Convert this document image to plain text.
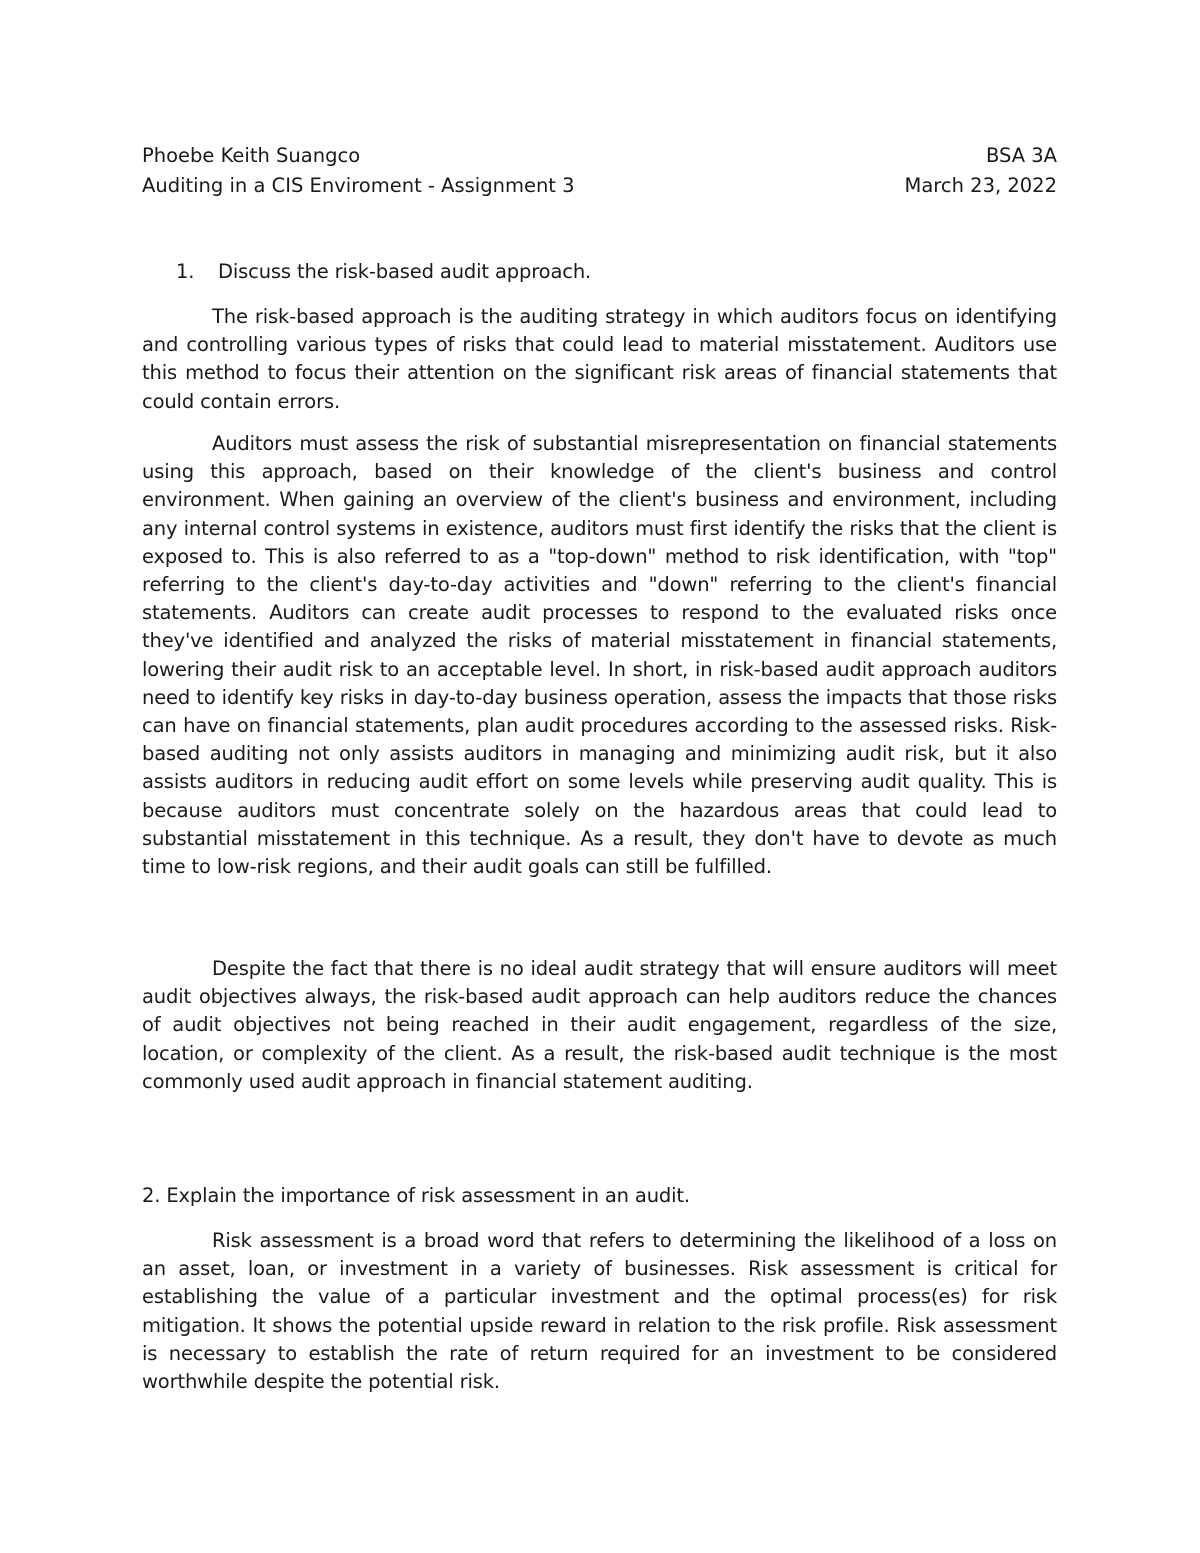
Phoebe Keith Suangco	BSA 3A
Auditing in a CIS Enviroment - Assignment 3	March 23, 2022
1. Discuss the risk-based audit approach.

The risk-based approach is the auditing strategy in which auditors focus on identifying and controlling various types of risks that could lead to material misstatement. Auditors use this method to focus their attention on the significant risk areas of financial statements that could contain errors.

Auditors must assess the risk of substantial misrepresentation on financial statements using this approach, based on their knowledge of the client's business and control environment. When gaining an overview of the client's business and environment, including any internal control systems in existence, auditors must first identify the risks that the client is exposed to. This is also referred to as a "top-down" method to risk identification, with "top" referring to the client's day-to-day activities and "down" referring to the client's financial statements. Auditors can create audit processes to respond to the evaluated risks once they've identified and analyzed the risks of material misstatement in financial statements, lowering their audit risk to an acceptable level. In short, in risk-based audit approach auditors need to identify key risks in day-to-day business operation, assess the impacts that those risks can have on financial statements, plan audit procedures according to the assessed risks. Risk-based auditing not only assists auditors in managing and minimizing audit risk, but it also assists auditors in reducing audit effort on some levels while preserving audit quality. This is because auditors must concentrate solely on the hazardous areas that could lead to substantial misstatement in this technique. As a result, they don't have to devote as much time to low-risk regions, and their audit goals can still be fulfilled.

Despite the fact that there is no ideal audit strategy that will ensure auditors will meet audit objectives always, the risk-based audit approach can help auditors reduce the chances of audit objectives not being reached in their audit engagement, regardless of the size, location, or complexity of the client. As a result, the risk-based audit technique is the most commonly used audit approach in financial statement auditing.

2. Explain the importance of risk assessment in an audit.

Risk assessment is a broad word that refers to determining the likelihood of a loss on an asset, loan, or investment in a variety of businesses. Risk assessment is critical for establishing the value of a particular investment and the optimal process(es) for risk mitigation. It shows the potential upside reward in relation to the risk profile. Risk assessment is necessary to establish the rate of return required for an investment to be considered worthwhile despite the potential risk.
